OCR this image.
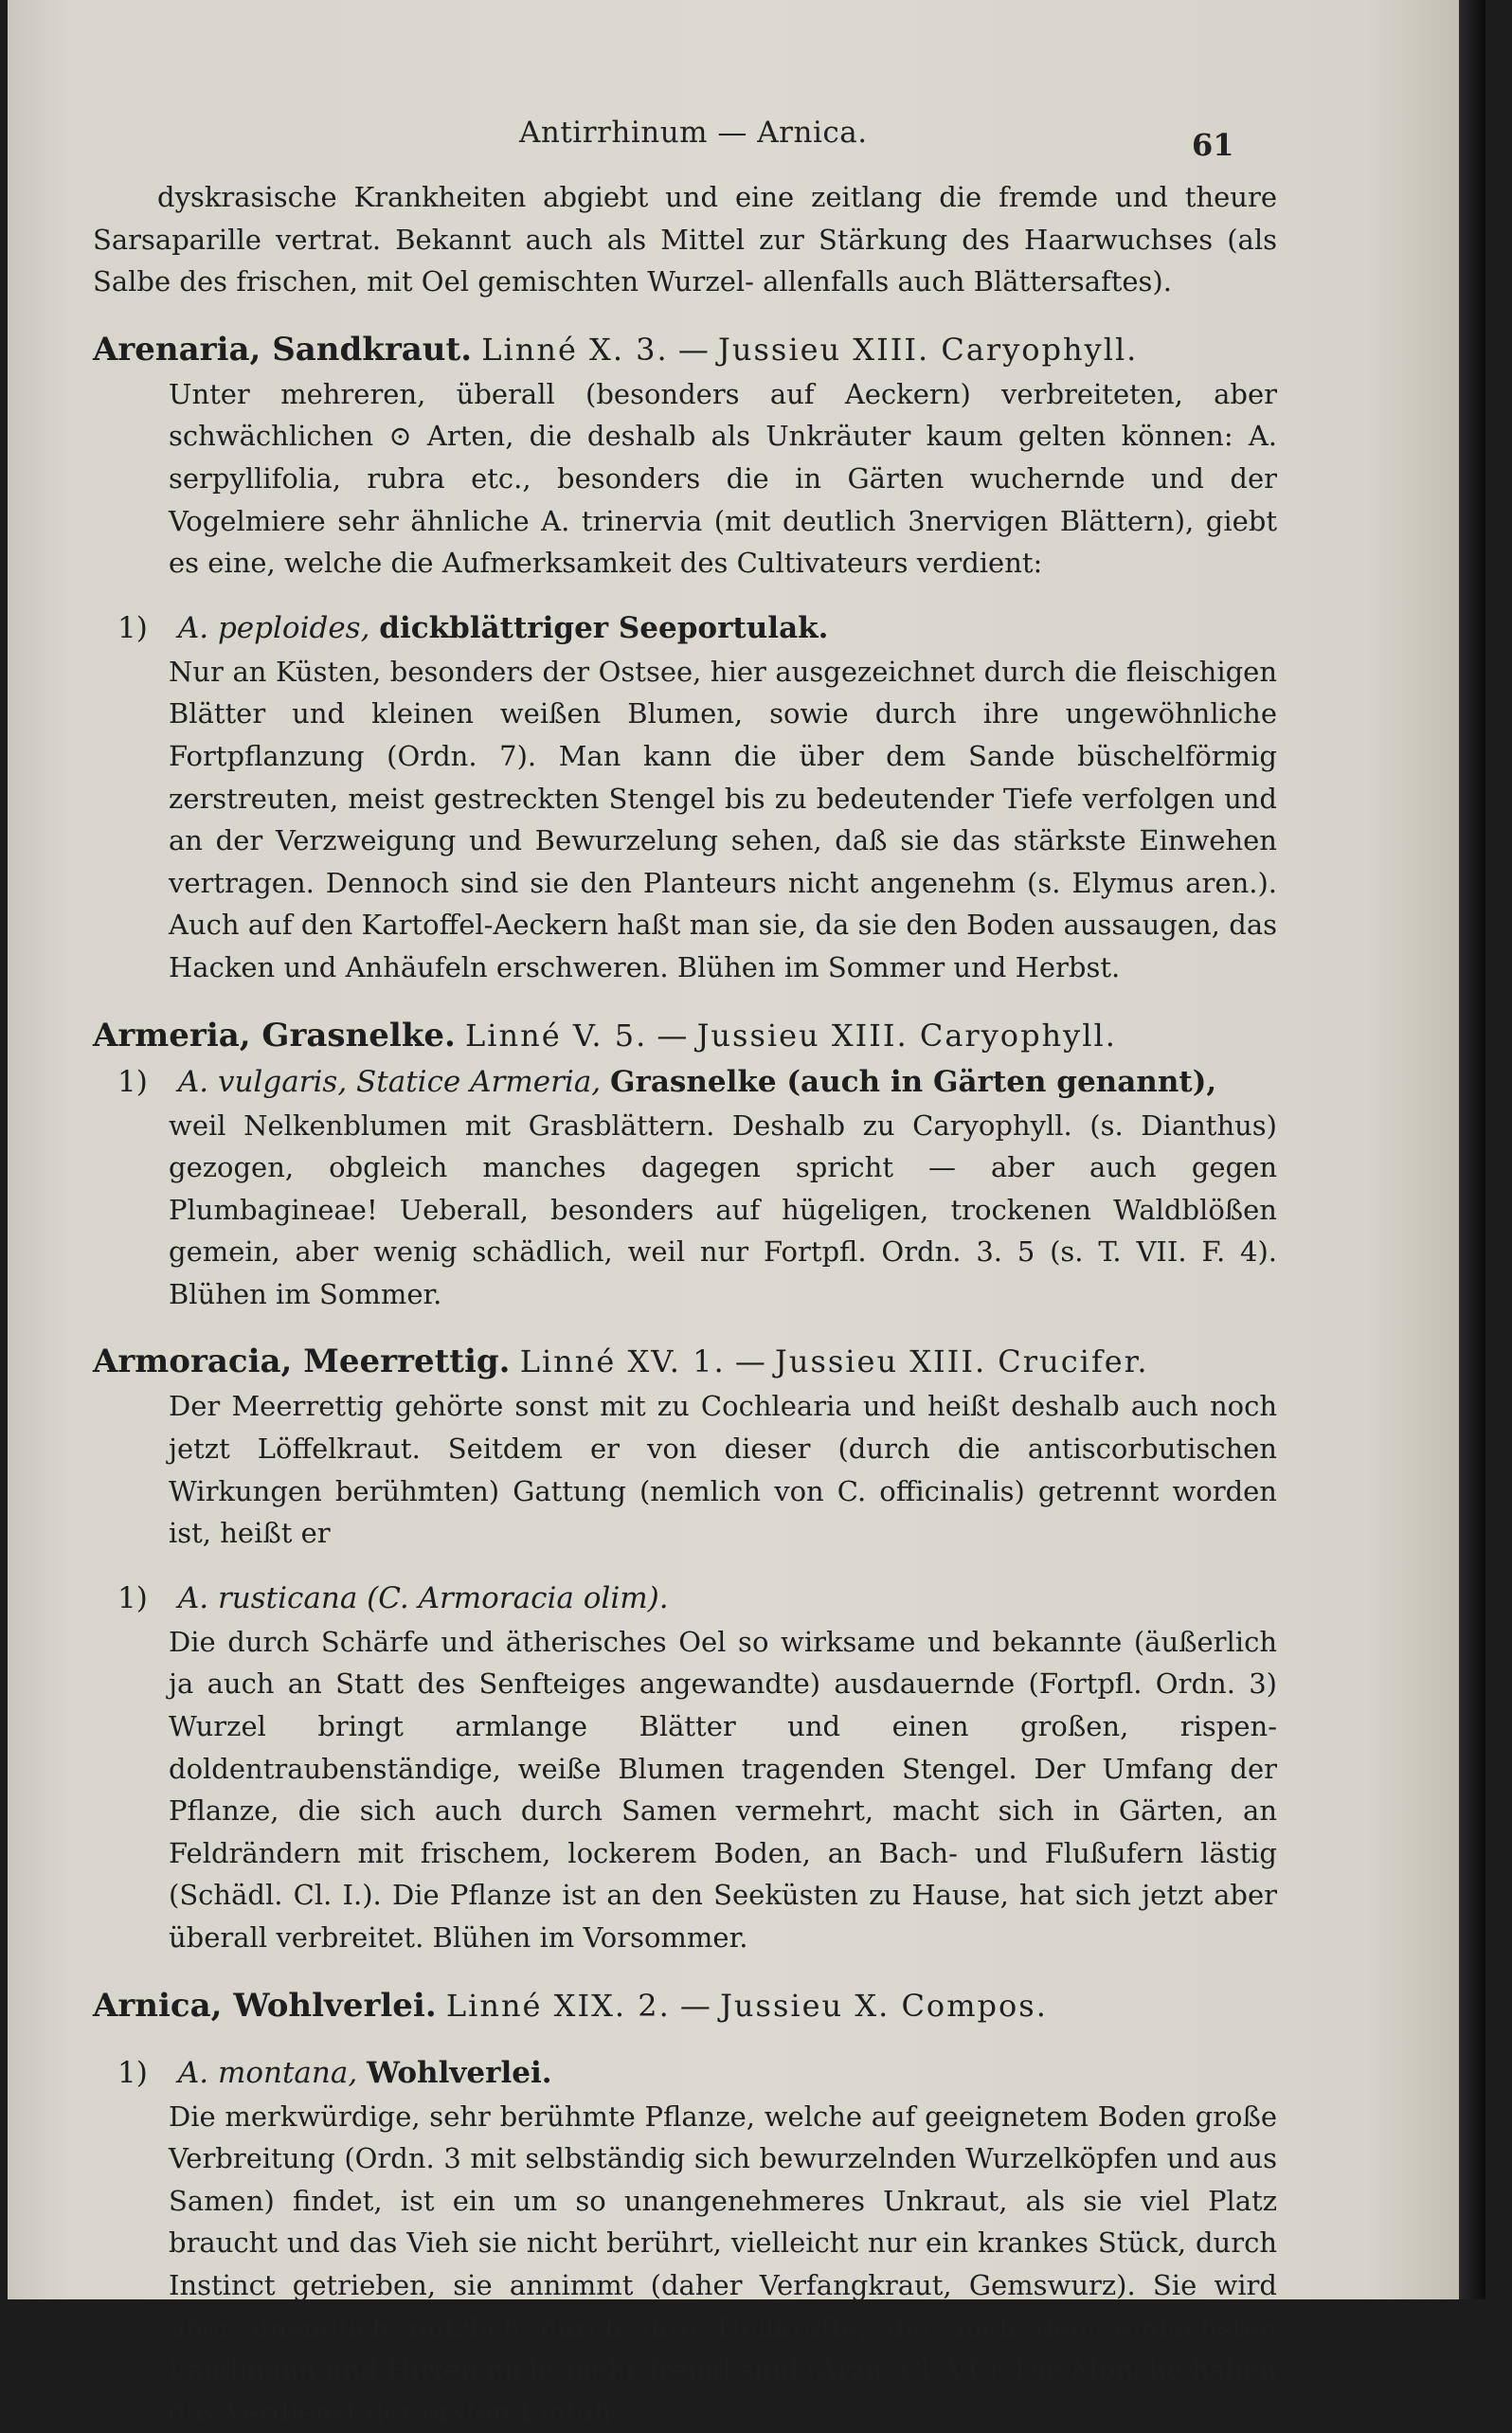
Antirrhinum — Arnica.	61

dyskrasische Krankheiten abgiebt und eine zeitlang die fremde und theure Sarsaparille vertrat. Bekannt auch als Mittel zur Stärkung des Haarwuchses (als Salbe des frischen, mit Oel gemischten Wurzel- allenfalls auch Blättersaftes).

Arenaria, Sandkraut. Linné X. 3. — Jussieu XIII. Caryophyll.

Unter mehreren, überall (besonders auf Aeckern) verbreiteten, aber schwächlichen ⊙ Arten, die deshalb als Unkräuter kaum gelten können: A. serpyllifolia, rubra etc., besonders die in Gärten wuchernde und der Vogelmiere sehr ähnliche A. trinervia (mit deutlich 3nervigen Blättern), giebt es eine, welche die Aufmerksamkeit des Cultivateurs verdient:

1) A. peploides, dickblättriger Seeportulak.

Nur an Küsten, besonders der Ostsee, hier ausgezeichnet durch die fleischigen Blätter und kleinen weißen Blumen, sowie durch ihre ungewöhnliche Fortpflanzung (Ordn. 7). Man kann die über dem Sande büschelförmig zerstreuten, meist gestreckten Stengel bis zu bedeutender Tiefe verfolgen und an der Verzweigung und Bewurzelung sehen, daß sie das stärkste Einwehen vertragen. Dennoch sind sie den Planteurs nicht angenehm (s. Elymus aren.). Auch auf den Kartoffel-Aeckern haßt man sie, da sie den Boden aussaugen, das Hacken und Anhäufeln erschweren. Blühen im Sommer und Herbst.

Armeria, Grasnelke. Linné V. 5. — Jussieu XIII. Caryophyll.
1) A. vulgaris, Statice Armeria, Grasnelke (auch in Gärten genannt),

weil Nelkenblumen mit Grasblättern. Deshalb zu Caryophyll. (s. Dianthus) gezogen, obgleich manches dagegen spricht — aber auch gegen Plumbagineae! Ueberall, besonders auf hügeligen, trockenen Waldblößen gemein, aber wenig schädlich, weil nur Fortpfl. Ordn. 3. 5 (s. T. VII. F. 4). Blühen im Sommer.

Armoracia, Meerrettig. Linné XV. 1. — Jussieu XIII. Crucifer.

Der Meerrettig gehörte sonst mit zu Cochlearia und heißt deshalb auch noch jetzt Löffelkraut. Seitdem er von dieser (durch die antiscorbutischen Wirkungen berühmten) Gattung (nemlich von C. officinalis) getrennt worden ist, heißt er

1) A. rusticana (C. Armoracia olim).

Die durch Schärfe und ätherisches Oel so wirksame und bekannte (äußerlich ja auch an Statt des Senfteiges angewandte) ausdauernde (Fortpfl. Ordn. 3) Wurzel bringt armlange Blätter und einen großen, rispen-doldentraubenständige, weiße Blumen tragenden Stengel. Der Umfang der Pflanze, die sich auch durch Samen vermehrt, macht sich in Gärten, an Feldrändern mit frischem, lockerem Boden, an Bach- und Flußufern lästig (Schädl. Cl. I.). Die Pflanze ist an den Seeküsten zu Hause, hat sich jetzt aber überall verbreitet. Blühen im Vorsommer.

Arnica, Wohlverlei. Linné XIX. 2. — Jussieu X. Compos.
1) A. montana, Wohlverlei.

Die merkwürdige, sehr berühmte Pflanze, welche auf geeignetem Boden große Verbreitung (Ordn. 3 mit selbständig sich bewurzelnden Wurzelköpfen und aus Samen) findet, ist ein um so unangenehmeres Unkraut, als sie viel Platz braucht und das Vieh sie nicht berührt, vielleicht nur ein krankes Stück, durch Instinct getrieben, sie annimmt (daher Verfangkraut, Gemswurz). Sie wird aber unendlich nützlich durch ihre Heilkräfte, die auch dem einfachsten Landmann und Hirten nicht mehr fremd sind (Arzn. Cl. VI.). Die Mönche haben das Verdienst der ersten Einfüh-
